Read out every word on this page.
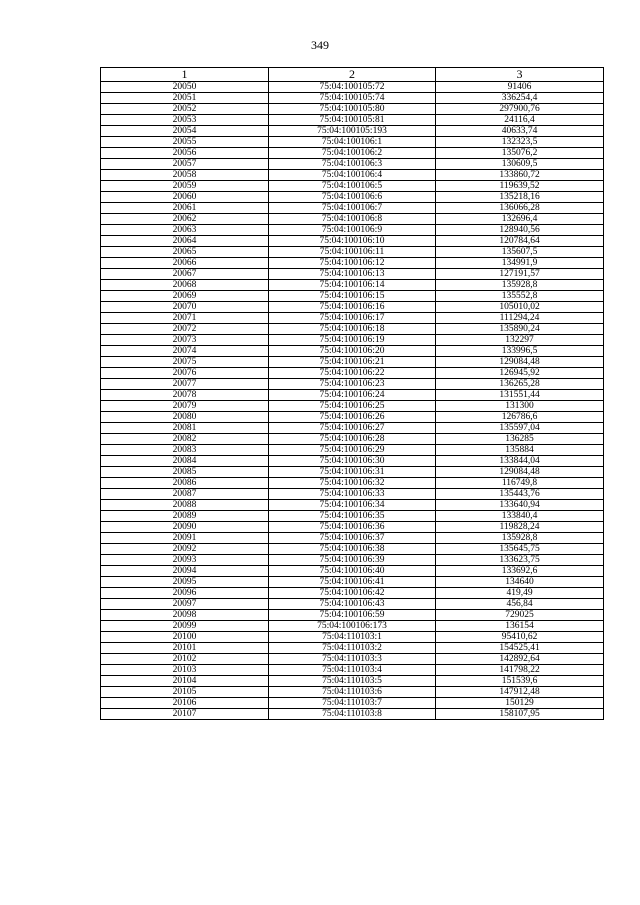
349
1	2	3
20050	75:04:100105:72	91406
20051	75:04:100105:74	336254,4
20052	75:04:100105:80	297900,76
20053	75:04:100105:81	24116,4
20054	75:04:100105:193	40633,74
20055	75:04:100106:1	132323,5
20056	75:04:100106:2	135076,2
20057	75:04:100106:3	130609,5
20058	75:04:100106:4	133860,72
20059	75:04:100106:5	119639,52
20060	75:04:100106:6	135218,16
20061	75:04:100106:7	136066,28
20062	75:04:100106:8	132696,4
20063	75:04:100106:9	128940,56
20064	75:04:100106:10	120784,64
20065	75:04:100106:11	135607,5
20066	75:04:100106:12	134991,9
20067	75:04:100106:13	127191,57
20068	75:04:100106:14	135928,8
20069	75:04:100106:15	135552,8
20070	75:04:100106:16	105010,02
20071	75:04:100106:17	111294,24
20072	75:04:100106:18	135890,24
20073	75:04:100106:19	132297
20074	75:04:100106:20	133996,5
20075	75:04:100106:21	129084,48
20076	75:04:100106:22	126945,92
20077	75:04:100106:23	136265,28
20078	75:04:100106:24	131551,44
20079	75:04:100106:25	131300
20080	75:04:100106:26	126786,6
20081	75:04:100106:27	135597,04
20082	75:04:100106:28	136285
20083	75:04:100106:29	135884
20084	75:04:100106:30	133844,04
20085	75:04:100106:31	129084,48
20086	75:04:100106:32	116749,8
20087	75:04:100106:33	135443,76
20088	75:04:100106:34	133640,94
20089	75:04:100106:35	133840,4
20090	75:04:100106:36	119828,24
20091	75:04:100106:37	135928,8
20092	75:04:100106:38	135645,75
20093	75:04:100106:39	133623,75
20094	75:04:100106:40	133692,6
20095	75:04:100106:41	134640
20096	75:04:100106:42	419,49
20097	75:04:100106:43	456,84
20098	75:04:100106:59	729025
20099	75:04:100106:173	136154
20100	75:04:110103:1	95410,62
20101	75:04:110103:2	154525,41
20102	75:04:110103:3	142892,64
20103	75:04:110103:4	141798,22
20104	75:04:110103:5	151539,6
20105	75:04:110103:6	147912,48
20106	75:04:110103:7	150129
20107	75:04:110103:8	158107,95
